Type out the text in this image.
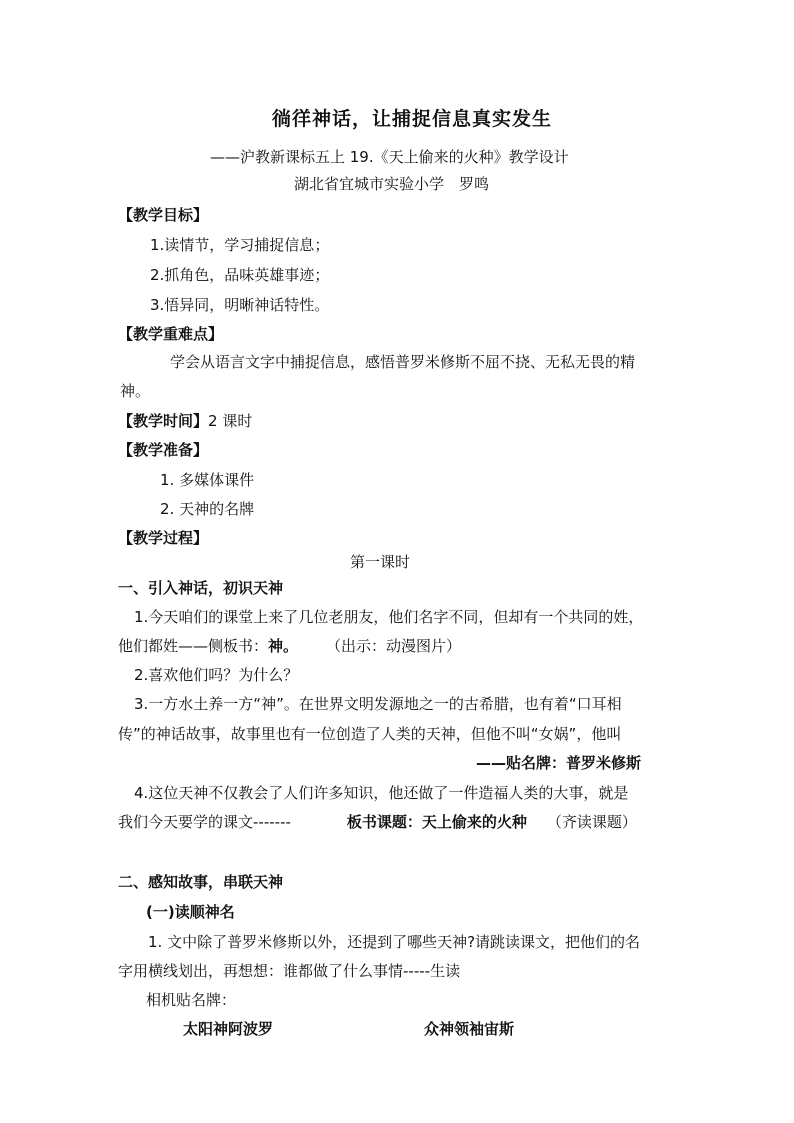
徜徉神话，让捕捉信息真实发生
——沪教新课标五上 19.《天上偷来的火种》教学设计
湖北省宜城市实验小学　罗鸣
【教学目标】
1.读情节，学习捕捉信息；
2.抓角色，品味英雄事迹；
3.悟异同，明晰神话特性。
【教学重难点】
学会从语言文字中捕捉信息，感悟普罗米修斯不屈不挠、无私无畏的精
神。
【教学时间】2 课时
【教学准备】
1. 多媒体课件
2. 天神的名牌
【教学过程】
第一课时
一、引入神话，初识天神
1.今天咱们的课堂上来了几位老朋友，他们名字不同，但却有一个共同的姓，
他们都姓——侧板书：神。 （出示：动漫图片）
2.喜欢他们吗？为什么？
3.一方水土养一方“神”。在世界文明发源地之一的古希腊，也有着“口耳相
传”的神话故事，故事里也有一位创造了人类的天神，但他不叫“女娲”，他叫
——贴名牌：普罗米修斯
4.这位天神不仅教会了人们许多知识，他还做了一件造福人类的大事，就是
我们今天要学的课文-------	板书课题：天上偷来的火种 （齐读课题）
二、感知故事，串联天神
(一)读顺神名
1. 文中除了普罗米修斯以外，还提到了哪些天神?请跳读课文，把他们的名
字用横线划出，再想想：谁都做了什么事情-----生读
相机贴名牌：
太阳神阿波罗	众神领袖宙斯
